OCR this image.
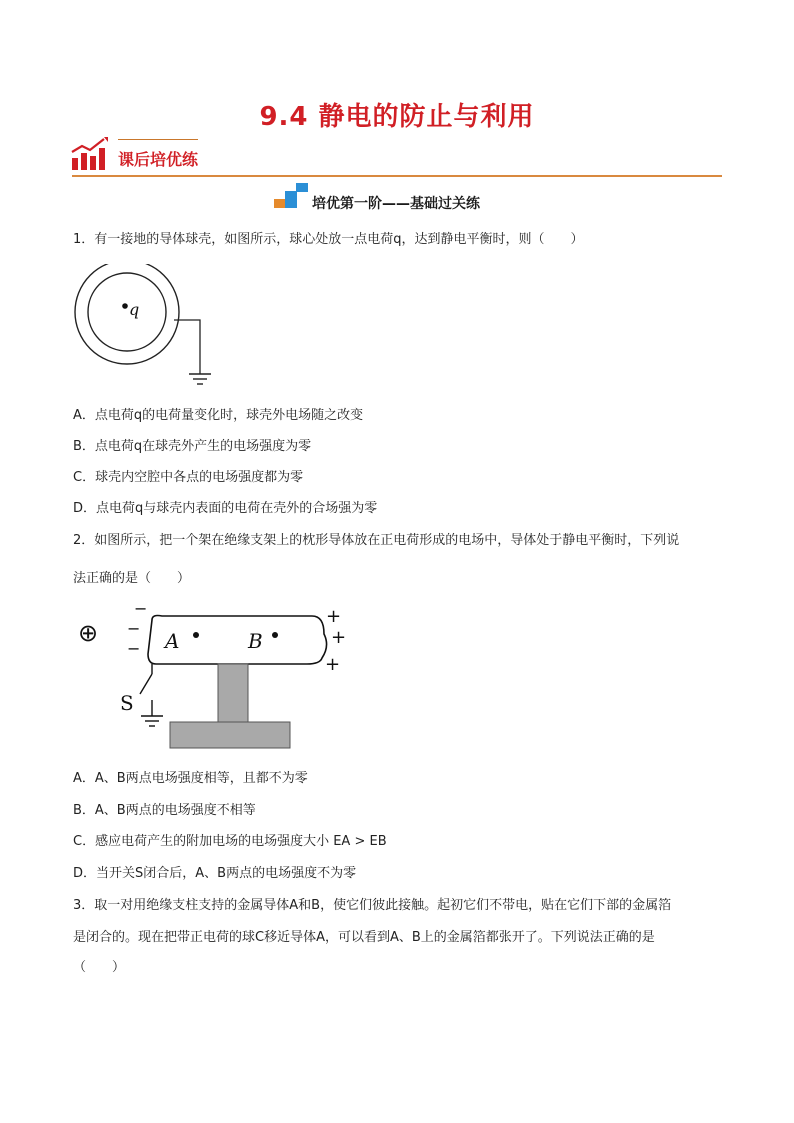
9.4 静电的防止与利用
课后培优练
培优第一阶——基础过关练
1．有一接地的导体球壳，如图所示，球心处放一点电荷q，达到静电平衡时，则（　　）
q
A．点电荷q的电荷量变化时，球壳外电场随之改变
B．点电荷q在球壳外产生的电场强度为零
C．球壳内空腔中各点的电场强度都为零
D．点电荷q与球壳内表面的电荷在壳外的合场强为零
2．如图所示，把一个架在绝缘支架上的枕形导体放在正电荷形成的电场中，导体处于静电平衡时，下列说
法正确的是（　　）
⊕
−
−
− A	B
+
+
+
S
A．A、B两点电场强度相等，且都不为零
B．A、B两点的电场强度不相等
C．感应电荷产生的附加电场的电场强度大小 EA > EB
D．当开关S闭合后，A、B两点的电场强度不为零
3．取一对用绝缘支柱支持的金属导体A和B，使它们彼此接触。起初它们不带电，贴在它们下部的金属箔
是闭合的。现在把带正电荷的球C移近导体A，可以看到A、B上的金属箔都张开了。下列说法正确的是
（　　）
